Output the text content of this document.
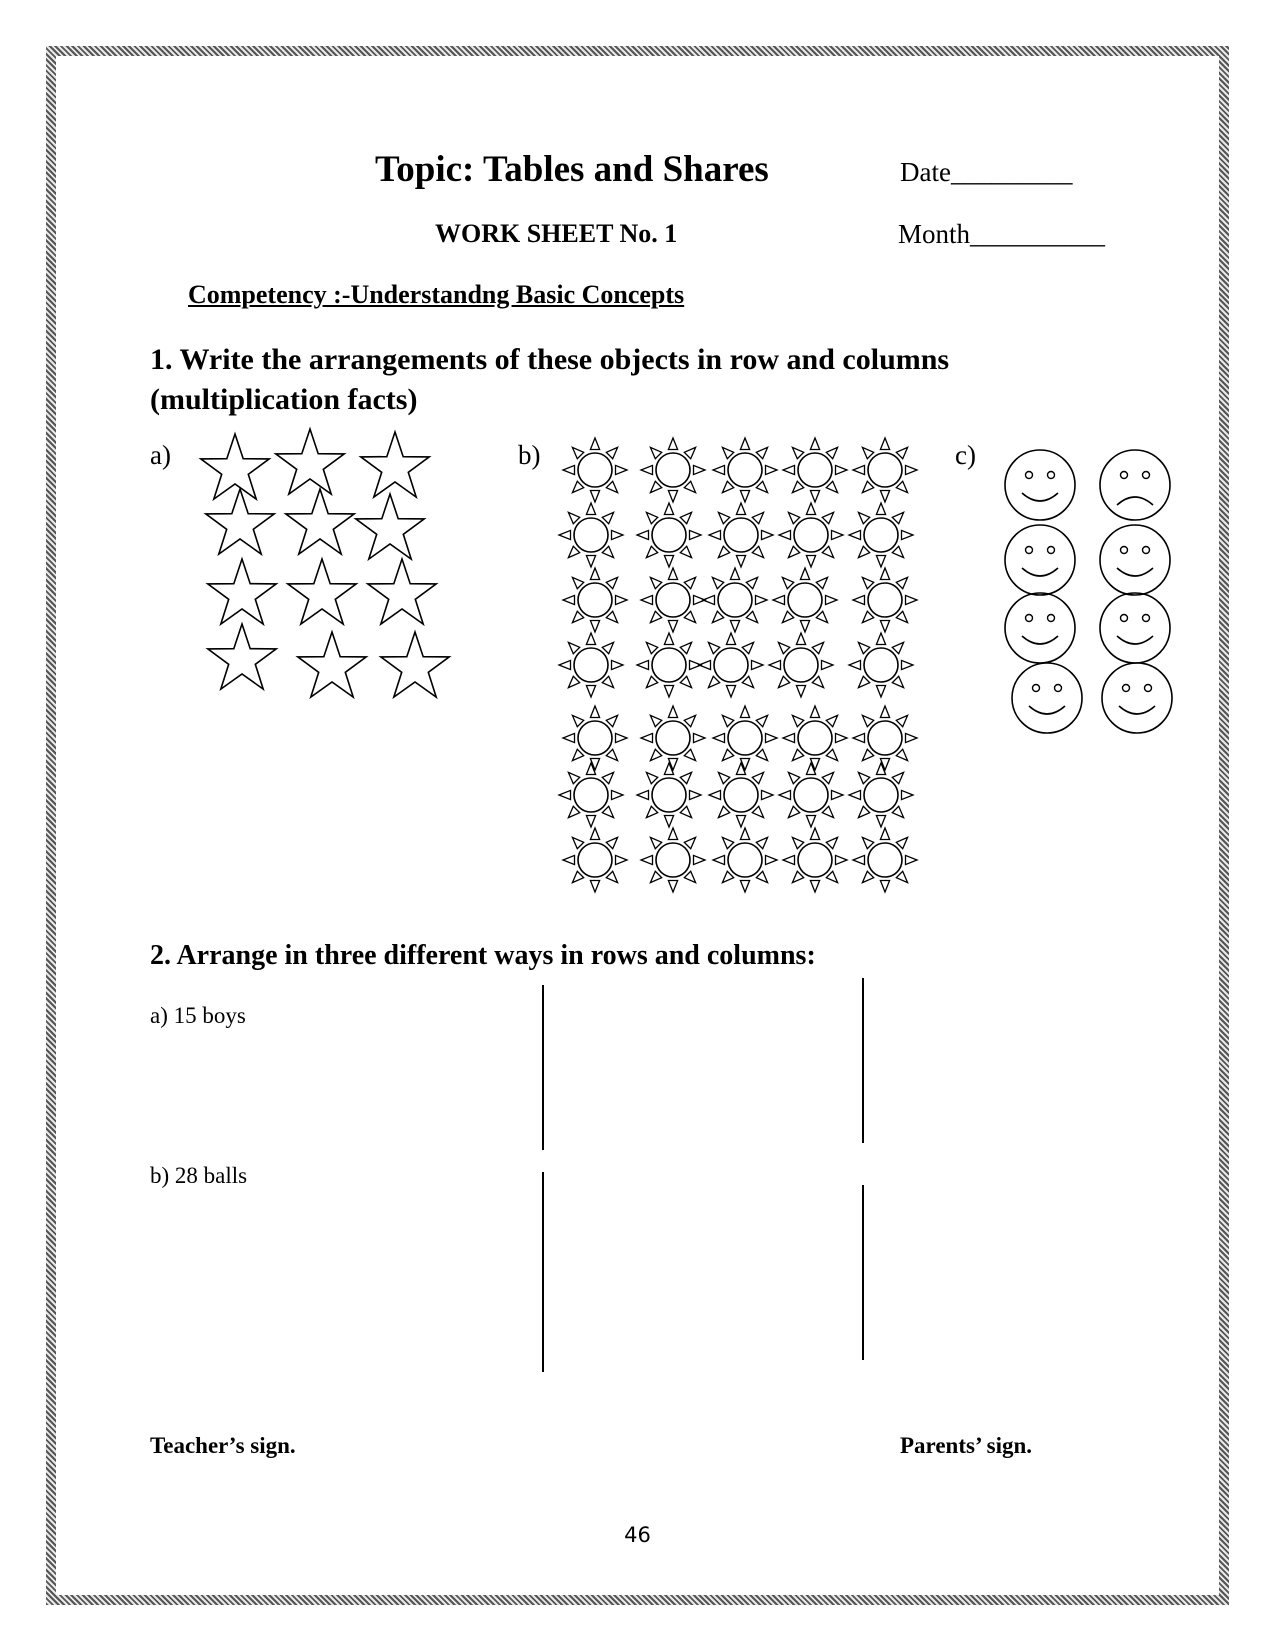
Topic: Tables and Shares	Date_________
WORK SHEET No. 1	Month__________
Competency :-Understandng Basic Concepts
1. Write the arrangements of these objects in row and columns (multiplication facts)
a)	b)	c)
2. Arrange in three different ways in rows and columns:
a) 15 boys
b) 28 balls
Teacher’s sign.	Parents’ sign.
46
